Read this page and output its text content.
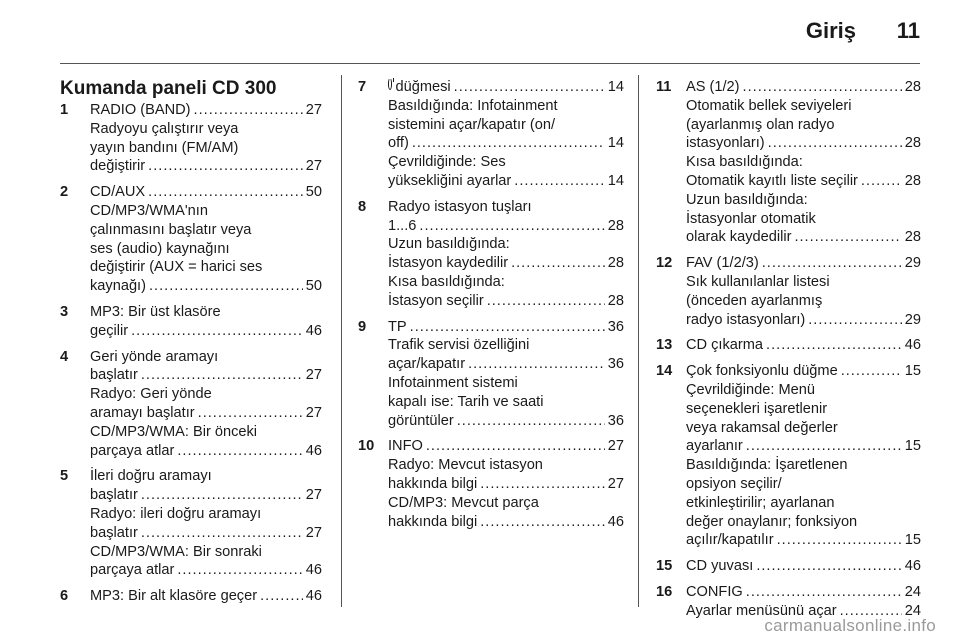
Giriş 11
Kumanda paneli CD 300
1 RADIO (BAND) .....	27
Radyoyu çalıştırır veya
yayın bandını (FM/AM)
değiştirir .....	27
2 CD/AUX .....	50
CD/MP3/WMA'nın
çalınmasını başlatır veya
ses (audio) kaynağını
değiştirir (AUX = harici ses
kaynağı) .....	50
3 MP3: Bir üst klasöre
geçilir .....	46
4 Geri yönde aramayı
başlatır .....	27
Radyo: Geri yönde
aramayı başlatır .....	27
CD/MP3/WMA: Bir önceki
parçaya atlar .....	46
5 İleri doğru aramayı
başlatır .....	27
Radyo: ileri doğru aramayı
başlatır .....	27
CD/MP3/WMA: Bir sonraki
parçaya atlar .....	46
6 MP3: Bir alt klasöre geçer .....	46
7 düğmesi .....	14
Basıldığında: Infotainment
sistemini açar/kapatır (on/
off) .....	14
Çevrildiğinde: Ses
yüksekliğini ayarlar .....	14
8 Radyo istasyon tuşları
1...6 .....	28
Uzun basıldığında:
İstasyon kaydedilir .....	28
Kısa basıldığında:
İstasyon seçilir .....	28
9 TP .....	36
Trafik servisi özelliğini
açar/kapatır .....	36
Infotainment sistemi
kapalı ise: Tarih ve saati
görüntüler .....	36
10 INFO .....	27
Radyo: Mevcut istasyon
hakkında bilgi .....	27
CD/MP3: Mevcut parça
hakkında bilgi .....	46
11 AS (1/2) .....	28
Otomatik bellek seviyeleri
(ayarlanmış olan radyo
istasyonları) .....	28
Kısa basıldığında:
Otomatik kayıtlı liste seçilir .....	28
Uzun basıldığında:
İstasyonlar otomatik
olarak kaydedilir .....	28
12 FAV (1/2/3) .....	29
Sık kullanılanlar listesi
(önceden ayarlanmış
radyo istasyonları) .....	29
13 CD çıkarma .....	46
14 Çok fonksiyonlu düğme .....	15
Çevrildiğinde: Menü
seçenekleri işaretlenir
veya rakamsal değerler
ayarlanır .....	15
Basıldığında: İşaretlenen
opsiyon seçilir/
etkinleştirilir; ayarlanan
değer onaylanır; fonksiyon
açılır/kapatılır .....	15
15 CD yuvası .....	46
16 CONFIG .....	24
Ayarlar menüsünü açar .....	24
carmanualsonline.info
